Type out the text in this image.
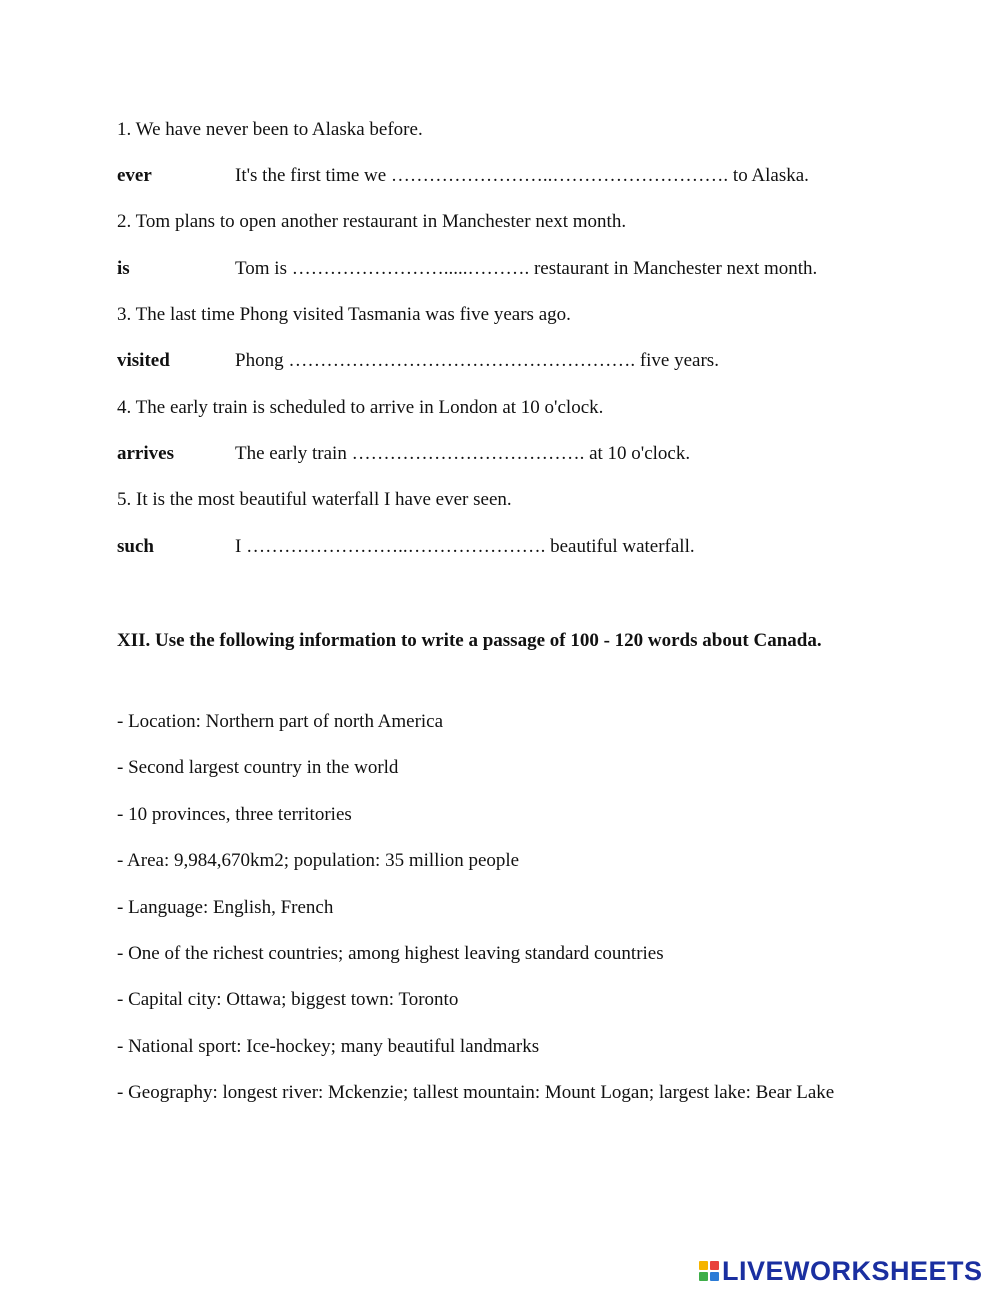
1. We have never been to Alaska before.
ever	It's the first time we ……………………..………………………. to Alaska.
2. Tom plans to open another restaurant in Manchester next month.
is	Tom is …………………….....………. restaurant in Manchester next month.
3. The last time Phong visited Tasmania was five years ago.
visited	Phong ………………………………………………. five years.
4. The early train is scheduled to arrive in London at 10 o'clock.
arrives	The early train ………………………………. at 10 o'clock.
5. It is the most beautiful waterfall I have ever seen.
such	I ……………………..…………………. beautiful waterfall.
XII. Use the following information to write a passage of 100 - 120 words about Canada.
- Location: Northern part of north America
- Second largest country in the world
- 10 provinces, three territories
- Area: 9,984,670km2; population: 35 million people
- Language: English, French
- One of the richest countries; among highest leaving standard countries
- Capital city: Ottawa; biggest town: Toronto
- National sport: Ice-hockey; many beautiful landmarks
- Geography: longest river: Mckenzie; tallest mountain: Mount Logan; largest lake: Bear Lake
LIVEWORKSHEETS
